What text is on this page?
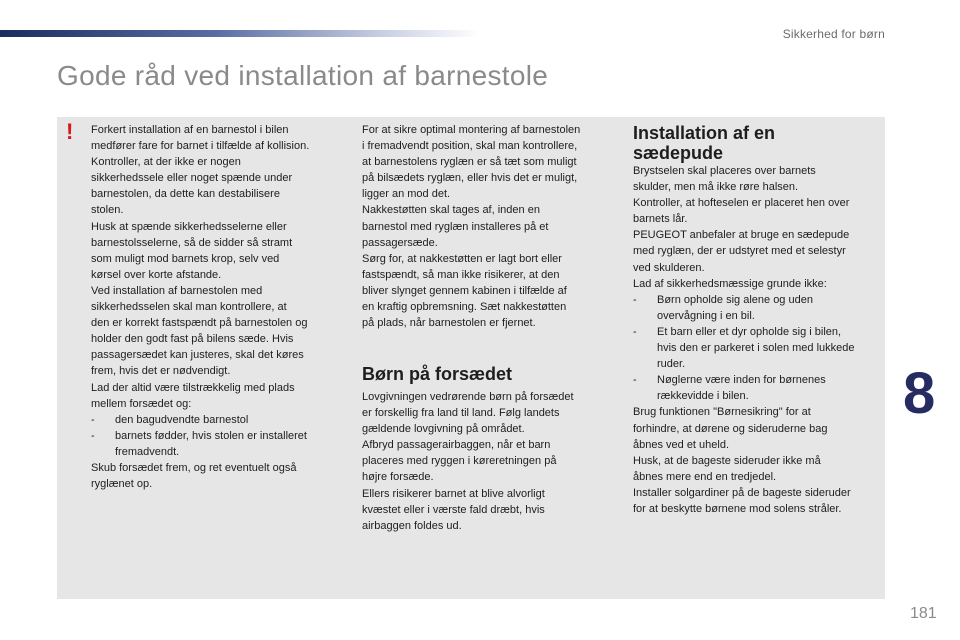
Sikkerhed for børn
Gode råd ved installation af barnestole
! Forkert installation af en barnestol i bilen

medfører fare for barnet i tilfælde af kollision.

Kontroller, at der ikke er nogen

sikkerhedssele eller noget spænde under

barnestolen, da dette kan destabilisere

stolen.

Husk at spænde sikkerhedsselerne eller

barnestolsselerne, så de sidder så stramt

som muligt mod barnets krop, selv ved

kørsel over korte afstande.

Ved installation af barnestolen med

sikkerhedsselen skal man kontrollere, at

den er korrekt fastspændt på barnestolen og

holder den godt fast på bilens sæde. Hvis

passagersædet kan justeres, skal det køres

frem, hvis det er nødvendigt.

Lad der altid være tilstrækkelig med plads

mellem forsædet og:

-	den bagudvendte barnestol
-	barnets fødder, hvis stolen er installeret

fremadvendt.

Skub forsædet frem, og ret eventuelt også

ryglænet op.

For at sikre optimal montering af barnestolen

i fremadvendt position, skal man kontrollere,

at barnestolens ryglæn er så tæt som muligt

på bilsædets ryglæn, eller hvis det er muligt,

ligger an mod det.

Nakkestøtten skal tages af, inden en

barnestol med ryglæn installeres på et

passagersæde.

Sørg for, at nakkestøtten er lagt bort eller

fastspændt, så man ikke risikerer, at den

bliver slynget gennem kabinen i tilfælde af

en kraftig opbremsning. Sæt nakkestøtten

på plads, når barnestolen er fjernet.

Børn på forsædet

Lovgivningen vedrørende børn på forsædet

er forskellig fra land til land. Følg landets

gældende lovgivning på området.

Afbryd passagerairbaggen, når et barn

placeres med ryggen i køreretningen på

højre forsæde.

Ellers risikerer barnet at blive alvorligt

kvæstet eller i værste fald dræbt, hvis

airbaggen foldes ud.

Installation af en
sædepude

Brystselen skal placeres over barnets

skulder, men må ikke røre halsen.

Kontroller, at hofteselen er placeret hen over

barnets lår.

PEUGEOT anbefaler at bruge en sædepude

med ryglæn, der er udstyret med et selestyr

ved skulderen.

Lad af sikkerhedsmæssige grunde ikke:

-	Børn opholde sig alene og uden

overvågning i en bil.

-	Et barn eller et dyr opholde sig i bilen,

hvis den er parkeret i solen med lukkede

ruder.

-	Nøglerne være inden for børnenes

rækkevidde i bilen.

Brug funktionen "Børnesikring" for at

forhindre, at dørene og sideruderne bag

åbnes ved et uheld.

Husk, at de bageste sideruder ikke må

åbnes mere end en tredjedel.

Installer solgardiner på de bageste sideruder

for at beskytte børnene mod solens stråler.

8
181
